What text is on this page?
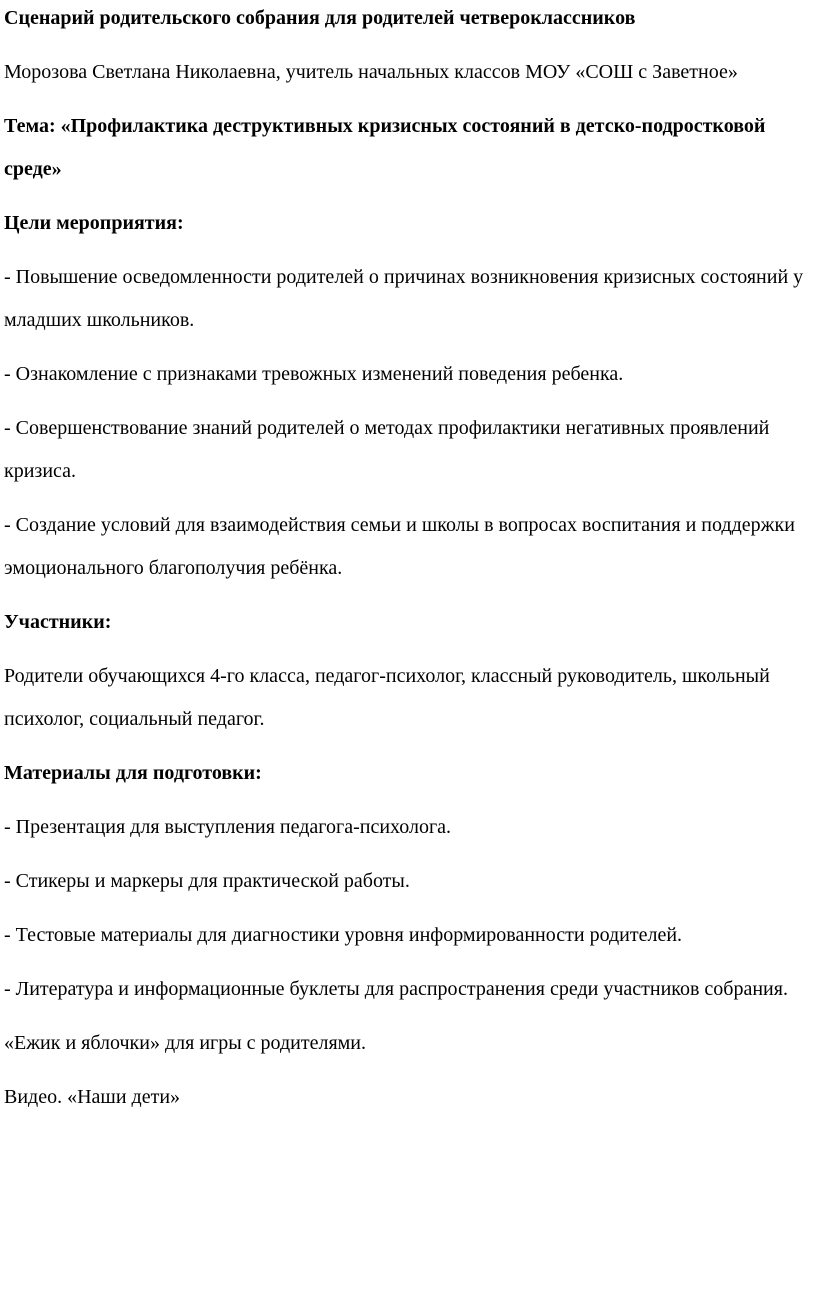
Сценарий родительского собрания для родителей четвероклассников

Морозова Светлана Николаевна, учитель начальных классов МОУ «СОШ с Заветное»

Тема: «Профилактика деструктивных кризисных состояний в детско-подростковой среде»

Цели мероприятия:

- Повышение осведомленности родителей о причинах возникновения кризисных состояний у младших школьников.

- Ознакомление с признаками тревожных изменений поведения ребенка.

- Совершенствование знаний родителей о методах профилактики негативных проявлений кризиса.

- Создание условий для взаимодействия семьи и школы в вопросах воспитания и поддержки эмоционального благополучия ребёнка.

Участники:

Родители обучающихся 4-го класса, педагог-психолог, классный руководитель, школьный психолог, социальный педагог.

Материалы для подготовки:

- Презентация для выступления педагога-психолога.

- Стикеры и маркеры для практической работы.

- Тестовые материалы для диагностики уровня информированности родителей.

- Литература и информационные буклеты для распространения среди участников собрания.

«Ежик и яблочки» для игры с родителями.

Видео. «Наши дети»
